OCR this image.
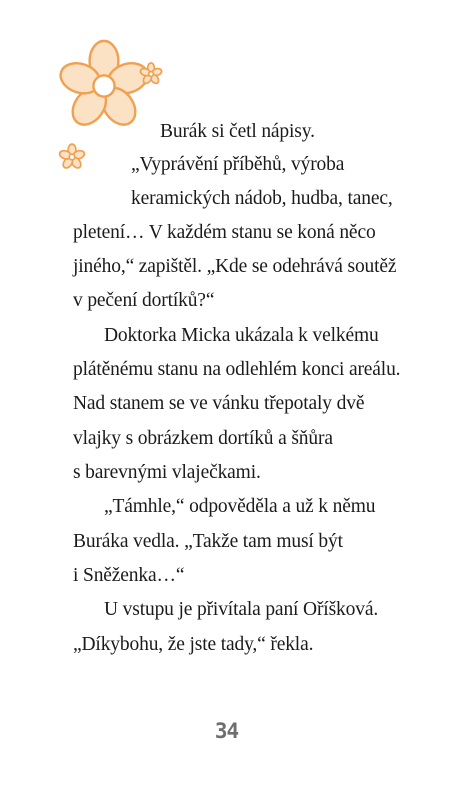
Burák si četl nápisy.
„Vyprávění příběhů, výroba
keramických nádob, hudba, tanec,
pletení… V každém stanu se koná něco
jiného,“ zapištěl. „Kde se odehrává soutěž
v pečení dortíků?“
Doktorka Micka ukázala k velkému
plátěnému stanu na odlehlém konci areálu.
Nad stanem se ve vánku třepotaly dvě
vlajky s obrázkem dortíků a šňůra
s barevnými vlaječkami.
„Támhle,“ odpověděla a už k němu
Buráka vedla. „Takže tam musí být
i Sněženka…“
U vstupu je přivítala paní Oříšková.
„Díkybohu, že jste tady,“ řekla.
34
